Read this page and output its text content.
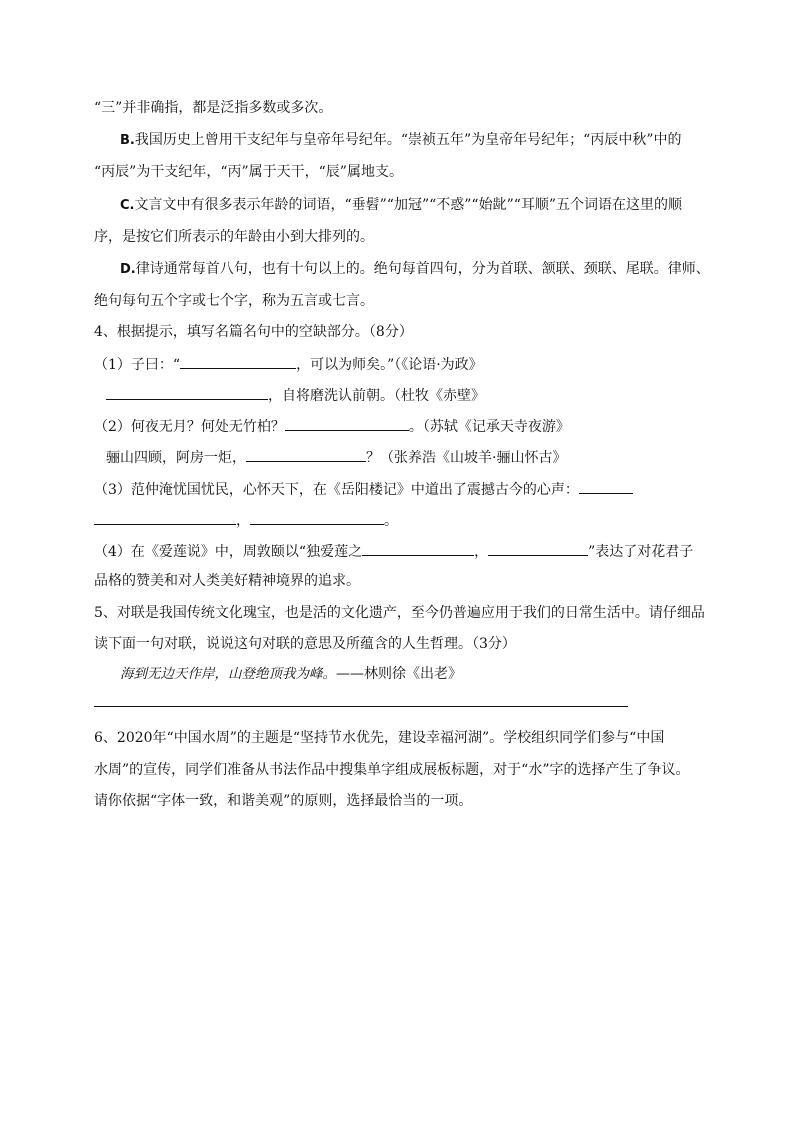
“三”并非确指，都是泛指多数或多次。
B.我国历史上曾用干支纪年与皇帝年号纪年。“崇祯五年”为皇帝年号纪年；“丙辰中秋”中的
“丙辰”为干支纪年，“丙”属于天干，“辰”属地支。
C.文言文中有很多表示年龄的词语，“垂髫”“加冠”“不惑”“始龀”“耳顺”五个词语在这里的顺
序，是按它们所表示的年龄由小到大排列的。
D.律诗通常每首八句，也有十句以上的。绝句每首四句，分为首联、颔联、颈联、尾联。律师、
绝句每句五个字或七个字，称为五言或七言。
4、根据提示，填写名篇名句中的空缺部分。（8分）
（1）子曰：“	，可以为师矣。”（《论语·为政》
，自将磨洗认前朝。（杜牧《赤壁》
（2）何夜无月？何处无竹柏？	。（苏轼《记承天寺夜游》
骊山四顾，阿房一炬，	？（张养浩《山坡羊·骊山怀古》
（3）范仲淹忧国忧民，心怀天下，在《岳阳楼记》中道出了震撼古今的心声：
，	。
（4）在《爱莲说》中，周敦颐以“独爱莲之	，	”表达了对花君子
品格的赞美和对人类美好精神境界的追求。
5、对联是我国传统文化瑰宝，也是活的文化遗产，至今仍普遍应用于我们的日常生活中。请仔细品
读下面一句对联，说说这句对联的意思及所蕴含的人生哲理。（3分）
海到无边天作岸，山登绝顶我为峰。——林则徐《出老》
6、2020年“中国水周”的主题是“坚持节水优先，建设幸福河湖”。学校组织同学们参与“中国
水周”的宣传，同学们准备从书法作品中搜集单字组成展板标题，对于“水”字的选择产生了争议。
请你依据“字体一致，和谐美观”的原则，选择最恰当的一项。
